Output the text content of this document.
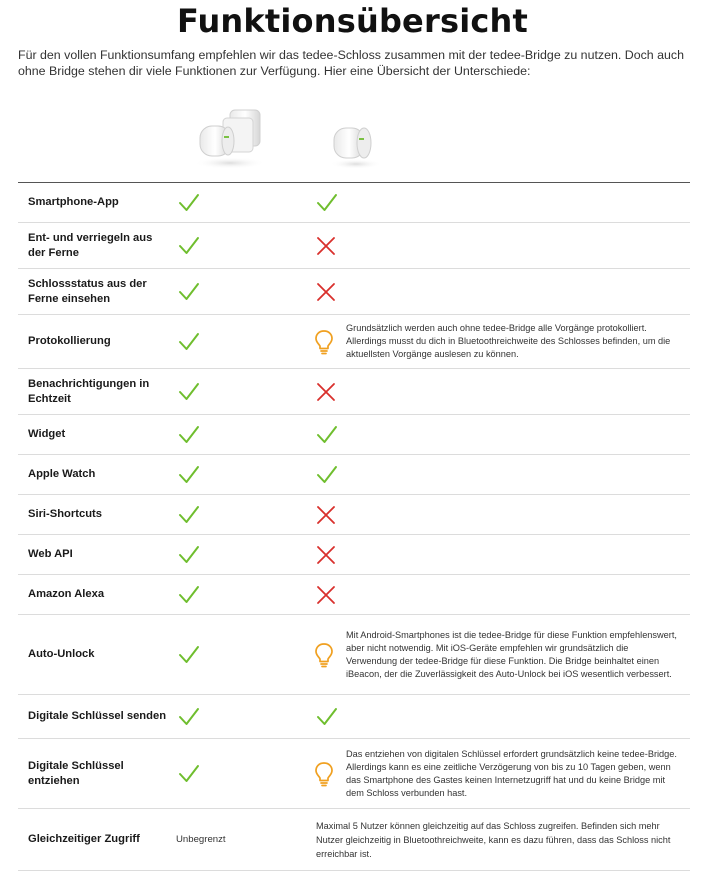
Funktionsübersicht
Für den vollen Funktionsumfang empfehlen wir das tedee-Schloss zusammen mit der tedee-Bridge zu nutzen. Doch auch ohne Bridge stehen dir viele Funktionen zur Verfügung. Hier eine Übersicht der Unterschiede:
Smartphone-App
Ent- und verriegeln aus der Ferne
Schlossstatus aus der Ferne einsehen
Protokollierung
Grundsätzlich werden auch ohne tedee-Bridge alle Vorgänge protokolliert. Allerdings musst du dich in Bluetoothreichweite des Schlosses befinden, um die aktuellsten Vorgänge auslesen zu können.
Benachrichtigungen in Echtzeit
Widget
Apple Watch
Siri-Shortcuts
Web API
Amazon Alexa
Auto-Unlock
Mit Android-Smartphones ist die tedee-Bridge für diese Funktion empfehlenswert, aber nicht notwendig. Mit iOS-Geräte empfehlen wir grundsätzlich die Verwendung der tedee-Bridge für diese Funktion. Die Bridge beinhaltet einen iBeacon, der die Zuverlässigkeit des Auto-Unlock bei iOS wesentlich verbessert.
Digitale Schlüssel senden
Digitale Schlüssel entziehen
Das entziehen von digitalen Schlüssel erfordert grundsätzlich keine tedee-Bridge. Allerdings kann es eine zeitliche Verzögerung von bis zu 10 Tagen geben, wenn das Smartphone des Gastes keinen Internetzugriff hat und du keine Bridge mit dem Schloss verbunden hast.
Gleichzeitiger Zugriff	Unbegrenzt
Maximal 5 Nutzer können gleichzeitig auf das Schloss zugreifen. Befinden sich mehr Nutzer gleichzeitig in Bluetoothreichweite, kann es dazu führen, dass das Schloss nicht erreichbar ist.
